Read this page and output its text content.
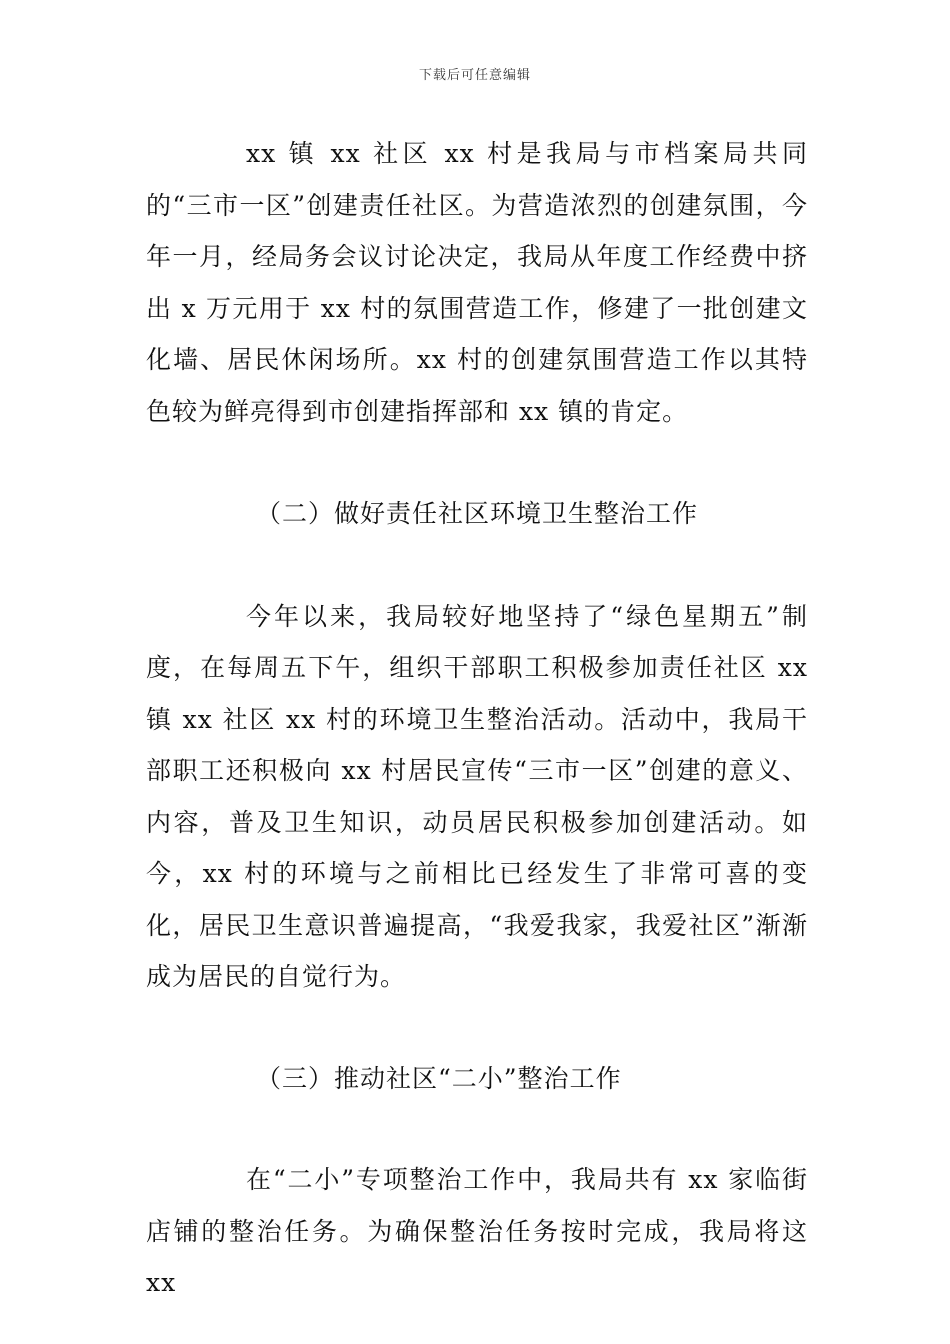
下载后可任意编辑

xx 镇 xx 社区 xx 村是我局与市档案局共同的“三市一区”创建责任社区。为营造浓烈的创建氛围，今年一月，经局务会议讨论决定，我局从年度工作经费中挤出 x 万元用于 xx 村的氛围营造工作，修建了一批创建文化墙、居民休闲场所。xx 村的创建氛围营造工作以其特色较为鲜亮得到市创建指挥部和 xx 镇的肯定。

（二）做好责任社区环境卫生整治工作

今年以来，我局较好地坚持了“绿色星期五”制度，在每周五下午，组织干部职工积极参加责任社区 xx 镇 xx 社区 xx 村的环境卫生整治活动。活动中，我局干部职工还积极向 xx 村居民宣传“三市一区”创建的意义、内容，普及卫生知识，动员居民积极参加创建活动。如今，xx 村的环境与之前相比已经发生了非常可喜的变化，居民卫生意识普遍提高，“我爱我家，我爱社区”渐渐成为居民的自觉行为。

（三）推动社区“二小”整治工作

在“二小”专项整治工作中，我局共有 xx 家临街店铺的整治任务。为确保整治任务按时完成，我局将这 xx
